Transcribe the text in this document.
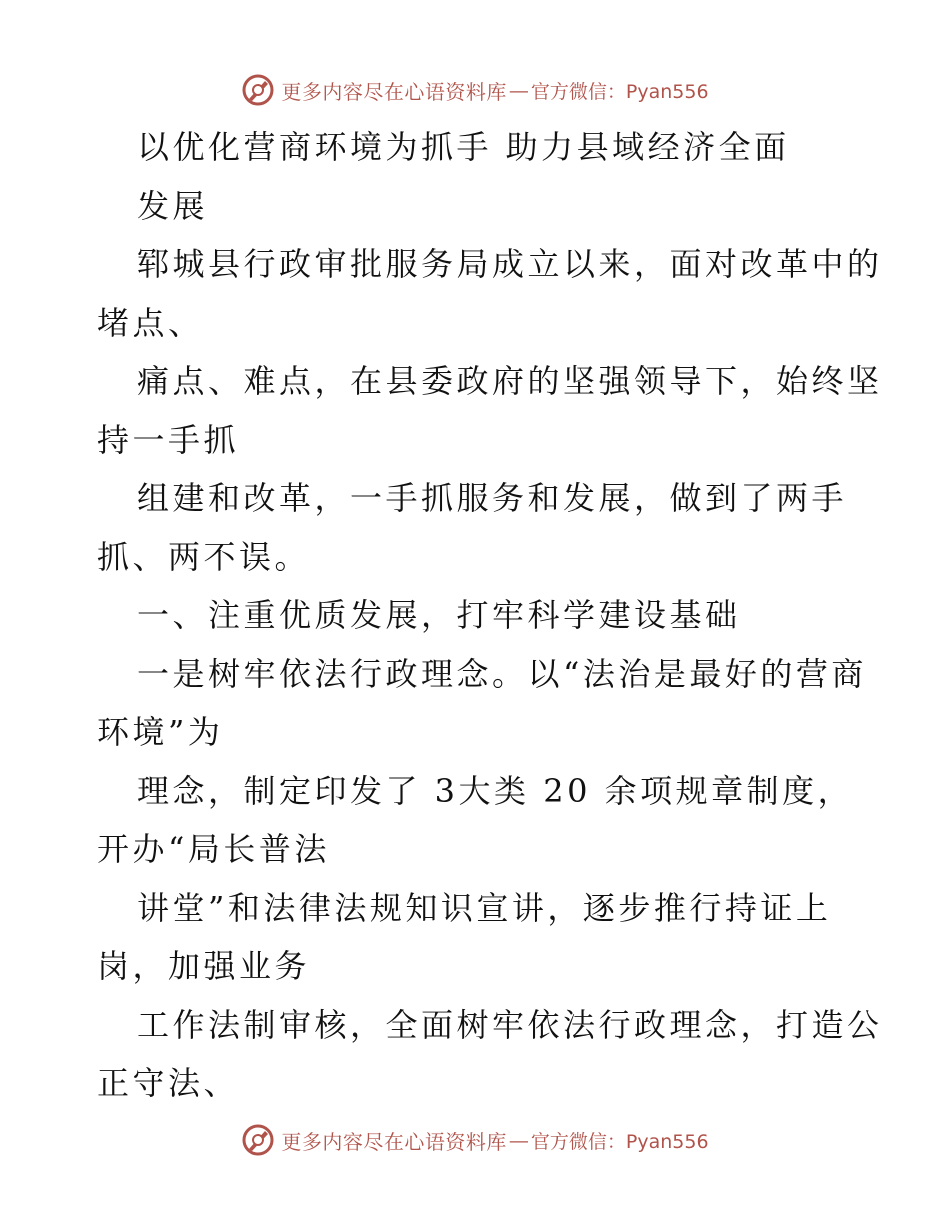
更多内容尽在心语资料库 — 官方微信：Pyan556
以优化营商环境为抓手 助力县域经济全面
发展
郓城县行政审批服务局成立以来，面对改革中的
堵点、
痛点、难点，在县委政府的坚强领导下，始终坚
持一手抓
组建和改革，一手抓服务和发展，做到了两手
抓、两不误。
一、注重优质发展，打牢科学建设基础
一是树牢依法行政理念。以“法治是最好的营商
环境”为
理念，制定印发了 3大类 20 余项规章制度，
开办“局长普法
讲堂”和法律法规知识宣讲，逐步推行持证上
岗，加强业务
工作法制审核，全面树牢依法行政理念，打造公
正守法、
更多内容尽在心语资料库 — 官方微信：Pyan556
